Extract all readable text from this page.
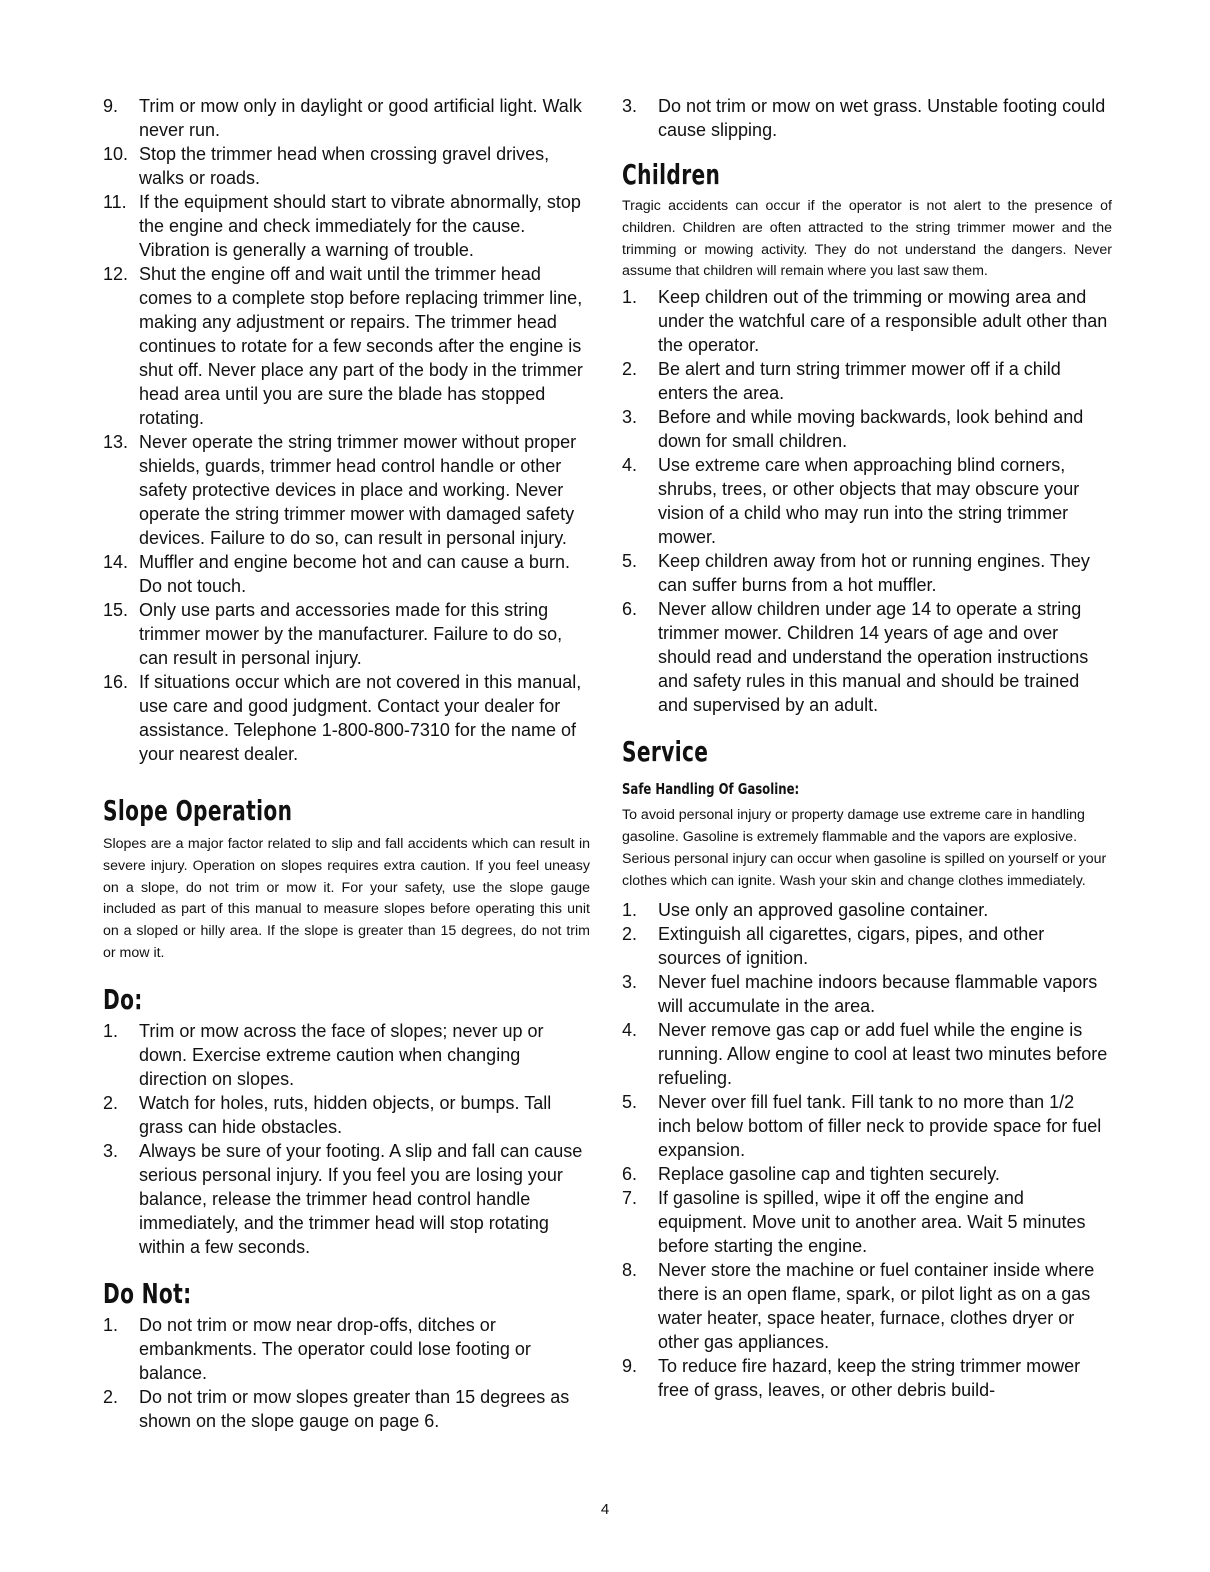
9. Trim or mow only in daylight or good artificial light. Walk never run.
10. Stop the trimmer head when crossing gravel drives, walks or roads.
11. If the equipment should start to vibrate abnormally, stop the engine and check immediately for the cause. Vibration is generally a warning of trouble.
12. Shut the engine off and wait until the trimmer head comes to a complete stop before replacing trimmer line, making any adjustment or repairs. The trimmer head continues to rotate for a few seconds after the engine is shut off. Never place any part of the body in the trimmer head area until you are sure the blade has stopped rotating.
13. Never operate the string trimmer mower without proper shields, guards, trimmer head control handle or other safety protective devices in place and working. Never operate the string trimmer mower with damaged safety devices. Failure to do so, can result in personal injury.
14. Muffler and engine become hot and can cause a burn. Do not touch.
15. Only use parts and accessories made for this string trimmer mower by the manufacturer. Failure to do so, can result in personal injury.
16. If situations occur which are not covered in this manual, use care and good judgment. Contact your dealer for assistance. Telephone 1-800-800-7310 for the name of your nearest dealer.
Slope Operation

Slopes are a major factor related to slip and fall accidents which can result in severe injury. Operation on slopes requires extra caution. If you feel uneasy on a slope, do not trim or mow it. For your safety, use the slope gauge included as part of this manual to measure slopes before operating this unit on a sloped or hilly area. If the slope is greater than 15 degrees, do not trim or mow it.

Do:
1. Trim or mow across the face of slopes; never up or down. Exercise extreme caution when changing direction on slopes.
2. Watch for holes, ruts, hidden objects, or bumps. Tall grass can hide obstacles.
3. Always be sure of your footing. A slip and fall can cause serious personal injury. If you feel you are losing your balance, release the trimmer head control handle immediately, and the trimmer head will stop rotating within a few seconds.
Do Not:
1. Do not trim or mow near drop-offs, ditches or embankments. The operator could lose footing or balance.
2. Do not trim or mow slopes greater than 15 degrees as shown on the slope gauge on page 6.
3. Do not trim or mow on wet grass. Unstable footing could cause slipping.
Children

Tragic accidents can occur if the operator is not alert to the presence of children. Children are often attracted to the string trimmer mower and the trimming or mowing activity. They do not understand the dangers. Never assume that children will remain where you last saw them.

1. Keep children out of the trimming or mowing area and under the watchful care of a responsible adult other than the operator.
2. Be alert and turn string trimmer mower off if a child enters the area.
3. Before and while moving backwards, look behind and down for small children.
4. Use extreme care when approaching blind corners, shrubs, trees, or other objects that may obscure your vision of a child who may run into the string trimmer mower.
5. Keep children away from hot or running engines. They can suffer burns from a hot muffler.
6. Never allow children under age 14 to operate a string trimmer mower. Children 14 years of age and over should read and understand the operation instructions and safety rules in this manual and should be trained and supervised by an adult.
Service
Safe Handling Of Gasoline:

To avoid personal injury or property damage use extreme care in handling gasoline. Gasoline is extremely flammable and the vapors are explosive. Serious personal injury can occur when gasoline is spilled on yourself or your clothes which can ignite. Wash your skin and change clothes immediately.

1. Use only an approved gasoline container.
2. Extinguish all cigarettes, cigars, pipes, and other sources of ignition.
3. Never fuel machine indoors because flammable vapors will accumulate in the area.
4. Never remove gas cap or add fuel while the engine is running. Allow engine to cool at least two minutes before refueling.
5. Never over fill fuel tank. Fill tank to no more than 1/2 inch below bottom of filler neck to provide space for fuel expansion.
6. Replace gasoline cap and tighten securely.
7. If gasoline is spilled, wipe it off the engine and equipment. Move unit to another area. Wait 5 minutes before starting the engine.
8. Never store the machine or fuel container inside where there is an open flame, spark, or pilot light as on a gas water heater, space heater, furnace, clothes dryer or other gas appliances.
9. To reduce fire hazard, keep the string trimmer mower free of grass, leaves, or other debris build-
4
